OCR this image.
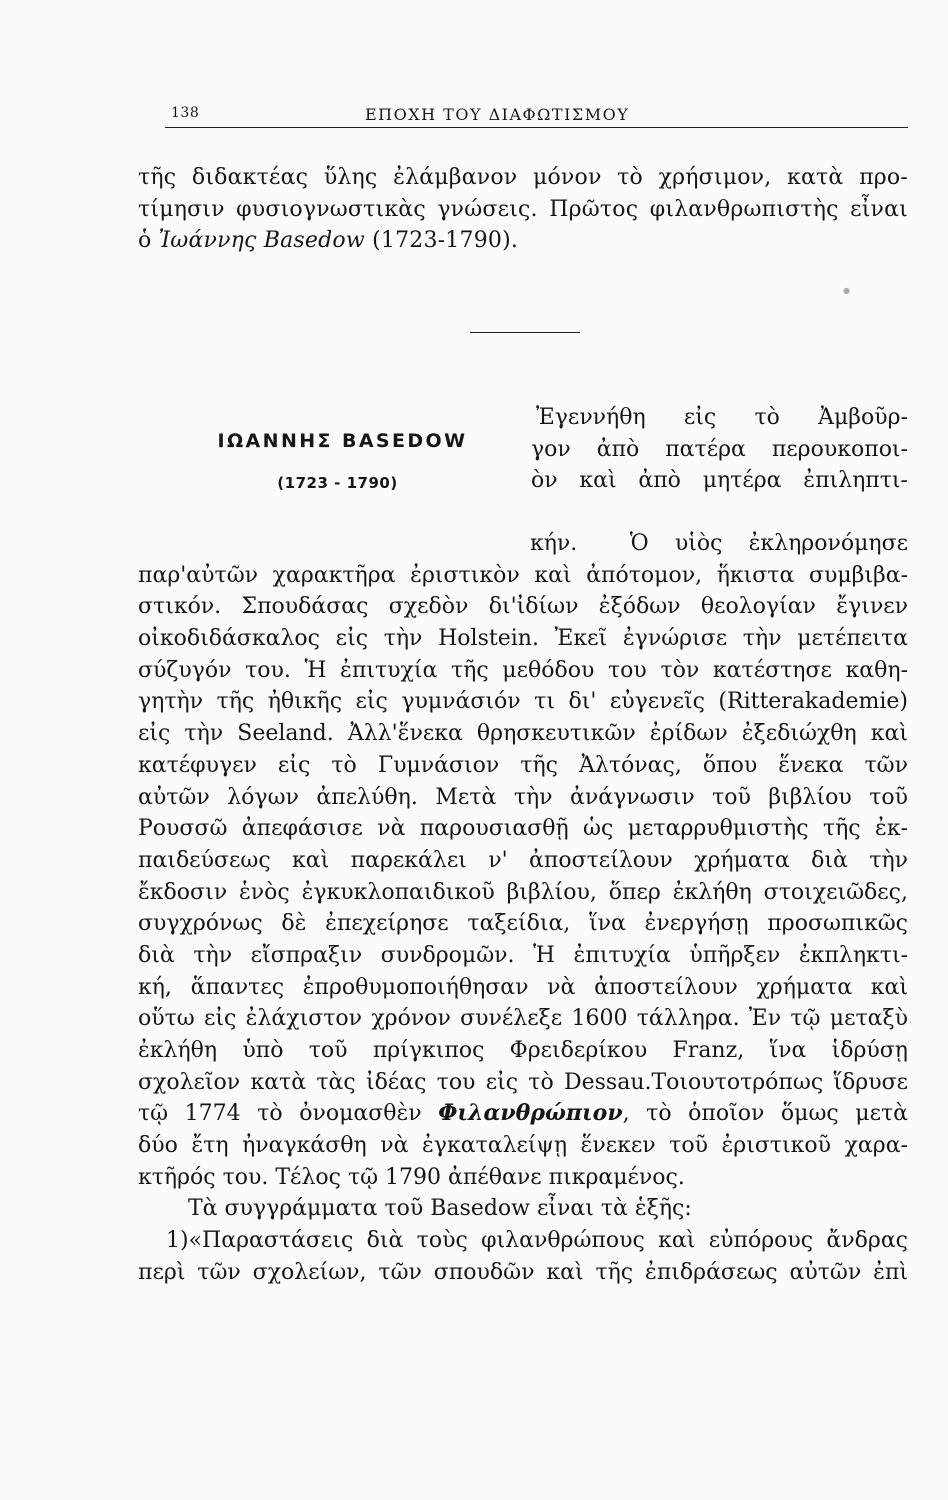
138	ΕΠΟΧΗ ΤΟΥ ΔΙΑΦΩΤΙΣΜΟΥ
τῆς διδακτέας ὕλης ἐλάμβανον μόνον τὸ χρήσιμον, κατὰ προ-
τίμησιν φυσιογνωστικὰς γνώσεις. Πρῶτος φιλανθρωπιστὴς εἶναι
ὁ Ἰωάννης Basedow (1723-1790).
●
ΙΩΑΝΝΗΣ BASEDOW
(1723 - 1790)
Ἐγεννήθη εἰς τὸ Ἀμβοῦρ-
γον ἀπὸ πατέρα περουκοποι-
ὸν καὶ ἀπὸ μητέρα ἐπιληπτι-
κήν. Ὁ υἱὸς ἐκληρονόμησε
παρ'αὐτῶν χαρακτῆρα ἐριστικὸν καὶ ἀπότομον, ἥκιστα συμβιβα-
στικόν. Σπουδάσας σχεδὸν δι'ἰδίων ἐξόδων θεολογίαν ἔγινεν
οἰκοδιδάσκαλος εἰς τὴν Holstein. Ἐκεῖ ἐγνώρισε τὴν μετέπειτα
σύζυγόν του. Ἡ ἐπιτυχία τῆς μεθόδου του τὸν κατέστησε καθη-
γητὴν τῆς ἠθικῆς εἰς γυμνάσιόν τι δι' εὐγενεῖς (Ritterakademie)
εἰς τὴν Seeland. Ἀλλ'ἕνεκα θρησκευτικῶν ἐρίδων ἐξεδιώχθη καὶ
κατέφυγεν εἰς τὸ Γυμνάσιον τῆς Ἀλτόνας, ὅπου ἕνεκα τῶν
αὐτῶν λόγων ἀπελύθη. Μετὰ τὴν ἀνάγνωσιν τοῦ βιβλίου τοῦ
Ρουσσῶ ἀπεφάσισε νὰ παρουσιασθῇ ὡς μεταρρυθμιστὴς τῆς ἐκ-
παιδεύσεως καὶ παρεκάλει ν' ἀποστείλουν χρήματα διὰ τὴν
ἔκδοσιν ἑνὸς ἐγκυκλοπαιδικοῦ βιβλίου, ὅπερ ἐκλήθη στοιχειῶδες,
συγχρόνως δὲ ἐπεχείρησε ταξείδια, ἵνα ἐνεργήσῃ προσωπικῶς
διὰ τὴν εἴσπραξιν συνδρομῶν. Ἡ ἐπιτυχία ὑπῆρξεν ἐκπληκτι-
κή, ἅπαντες ἐπροθυμοποιήθησαν νὰ ἀποστείλουν χρήματα καὶ
οὕτω εἰς ἐλάχιστον χρόνον συνέλεξε 1600 τάλληρα. Ἐν τῷ μεταξὺ
ἐκλήθη ὑπὸ τοῦ πρίγκιπος Φρειδερίκου Franz, ἵνα ἱδρύσῃ
σχολεῖον κατὰ τὰς ἰδέας του εἰς τὸ Dessau.Τοιουτοτρόπως ἵδρυσε
τῷ 1774 τὸ ὀνομασθὲν Φιλανθρώπιον, τὸ ὁποῖον ὅμως μετὰ
δύο ἔτη ἠναγκάσθη νὰ ἐγκαταλείψῃ ἕνεκεν τοῦ ἐριστικοῦ χαρα-
κτῆρός του. Τέλος τῷ 1790 ἀπέθανε πικραμένος.
Τὰ συγγράμματα τοῦ Basedow εἶναι τὰ ἑξῆς:
1)«Παραστάσεις διὰ τοὺς φιλανθρώπους καὶ εὐπόρους ἄνδρας
περὶ τῶν σχολείων, τῶν σπουδῶν καὶ τῆς ἐπιδράσεως αὐτῶν ἐπὶ
